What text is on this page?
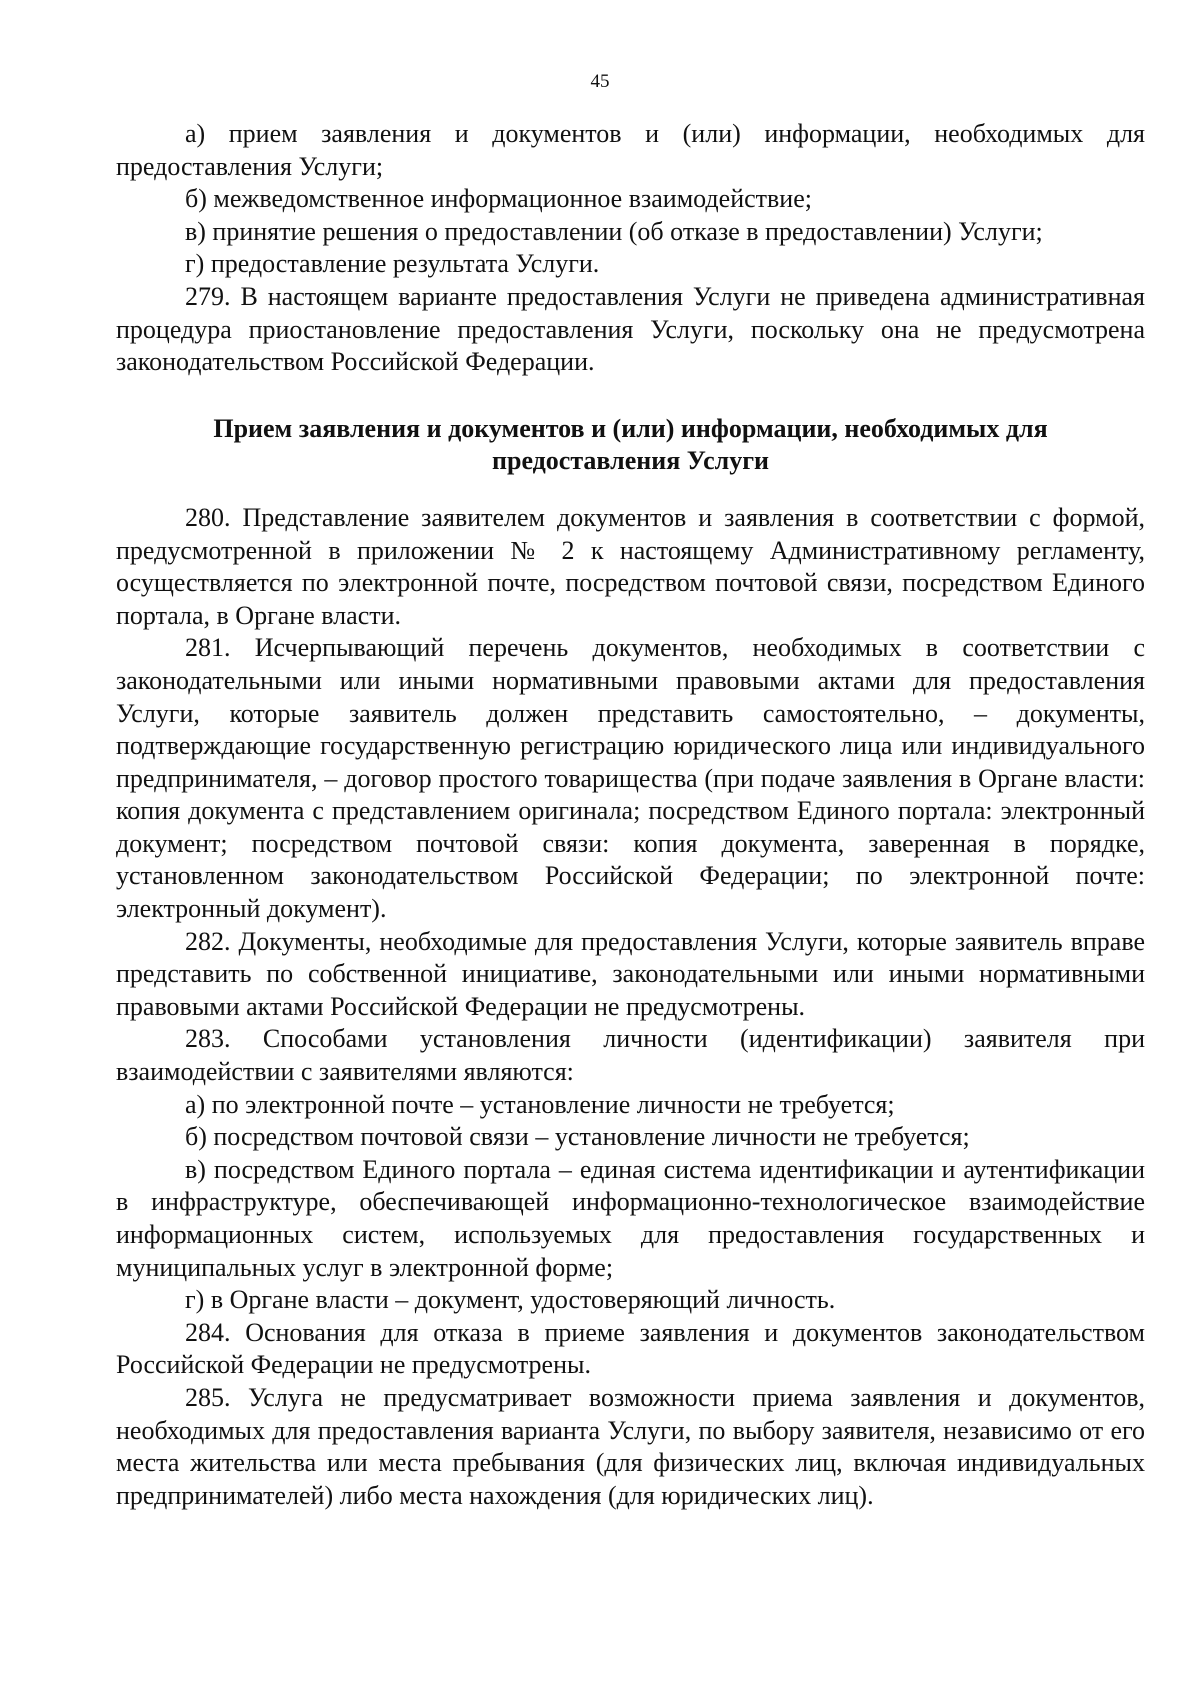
45

а) прием заявления и документов и (или) информации, необходимых для предоставления Услуги;

б) межведомственное информационное взаимодействие;

в) принятие решения о предоставлении (об отказе в предоставлении) Услуги;

г) предоставление результата Услуги.

279. В настоящем варианте предоставления Услуги не приведена административная процедура приостановление предоставления Услуги, поскольку она не предусмотрена законодательством Российской Федерации.

Прием заявления и документов и (или) информации, необходимых для предоставления Услуги

280. Представление заявителем документов и заявления в соответствии с формой, предусмотренной в приложении № 2 к настоящему Административному регламенту, осуществляется по электронной почте, посредством почтовой связи, посредством Единого портала, в Органе власти.

281. Исчерпывающий перечень документов, необходимых в соответствии с законодательными или иными нормативными правовыми актами для предоставления Услуги, которые заявитель должен представить самостоятельно, – документы, подтверждающие государственную регистрацию юридического лица или индивидуального предпринимателя, – договор простого товарищества (при подаче заявления в Органе власти: копия документа с представлением оригинала; посредством Единого портала: электронный документ; посредством почтовой связи: копия документа, заверенная в порядке, установленном законодательством Российской Федерации; по электронной почте: электронный документ).

282. Документы, необходимые для предоставления Услуги, которые заявитель вправе представить по собственной инициативе, законодательными или иными нормативными правовыми актами Российской Федерации не предусмотрены.

283. Способами установления личности (идентификации) заявителя при взаимодействии с заявителями являются:

а) по электронной почте – установление личности не требуется;

б) посредством почтовой связи – установление личности не требуется;

в) посредством Единого портала – единая система идентификации и аутентификации в инфраструктуре, обеспечивающей информационно-технологическое взаимодействие информационных систем, используемых для предоставления государственных и муниципальных услуг в электронной форме;

г) в Органе власти – документ, удостоверяющий личность.

284. Основания для отказа в приеме заявления и документов законодательством Российской Федерации не предусмотрены.

285. Услуга не предусматривает возможности приема заявления и документов, необходимых для предоставления варианта Услуги, по выбору заявителя, независимо от его места жительства или места пребывания (для физических лиц, включая индивидуальных предпринимателей) либо места нахождения (для юридических лиц).
